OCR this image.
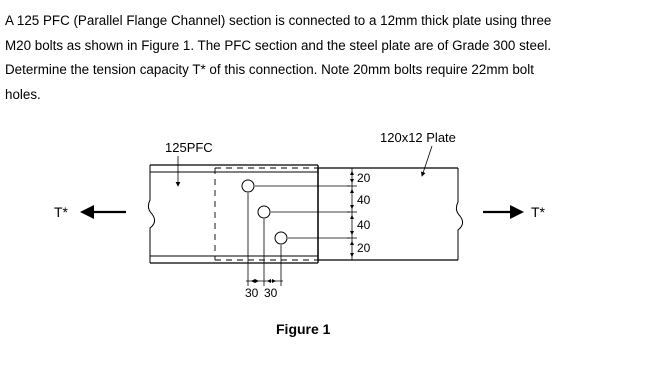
A 125 PFC (Parallel Flange Channel) section is connected to a 12mm thick plate using three
M20 bolts as shown in Figure 1. The PFC section and the steel plate are of Grade 300 steel.
Determine the tension capacity T* of this connection. Note 20mm bolts require 22mm bolt
holes.
20
40
40
20
30 30
125PFC
120x12 Plate
T*	T*
Figure 1
